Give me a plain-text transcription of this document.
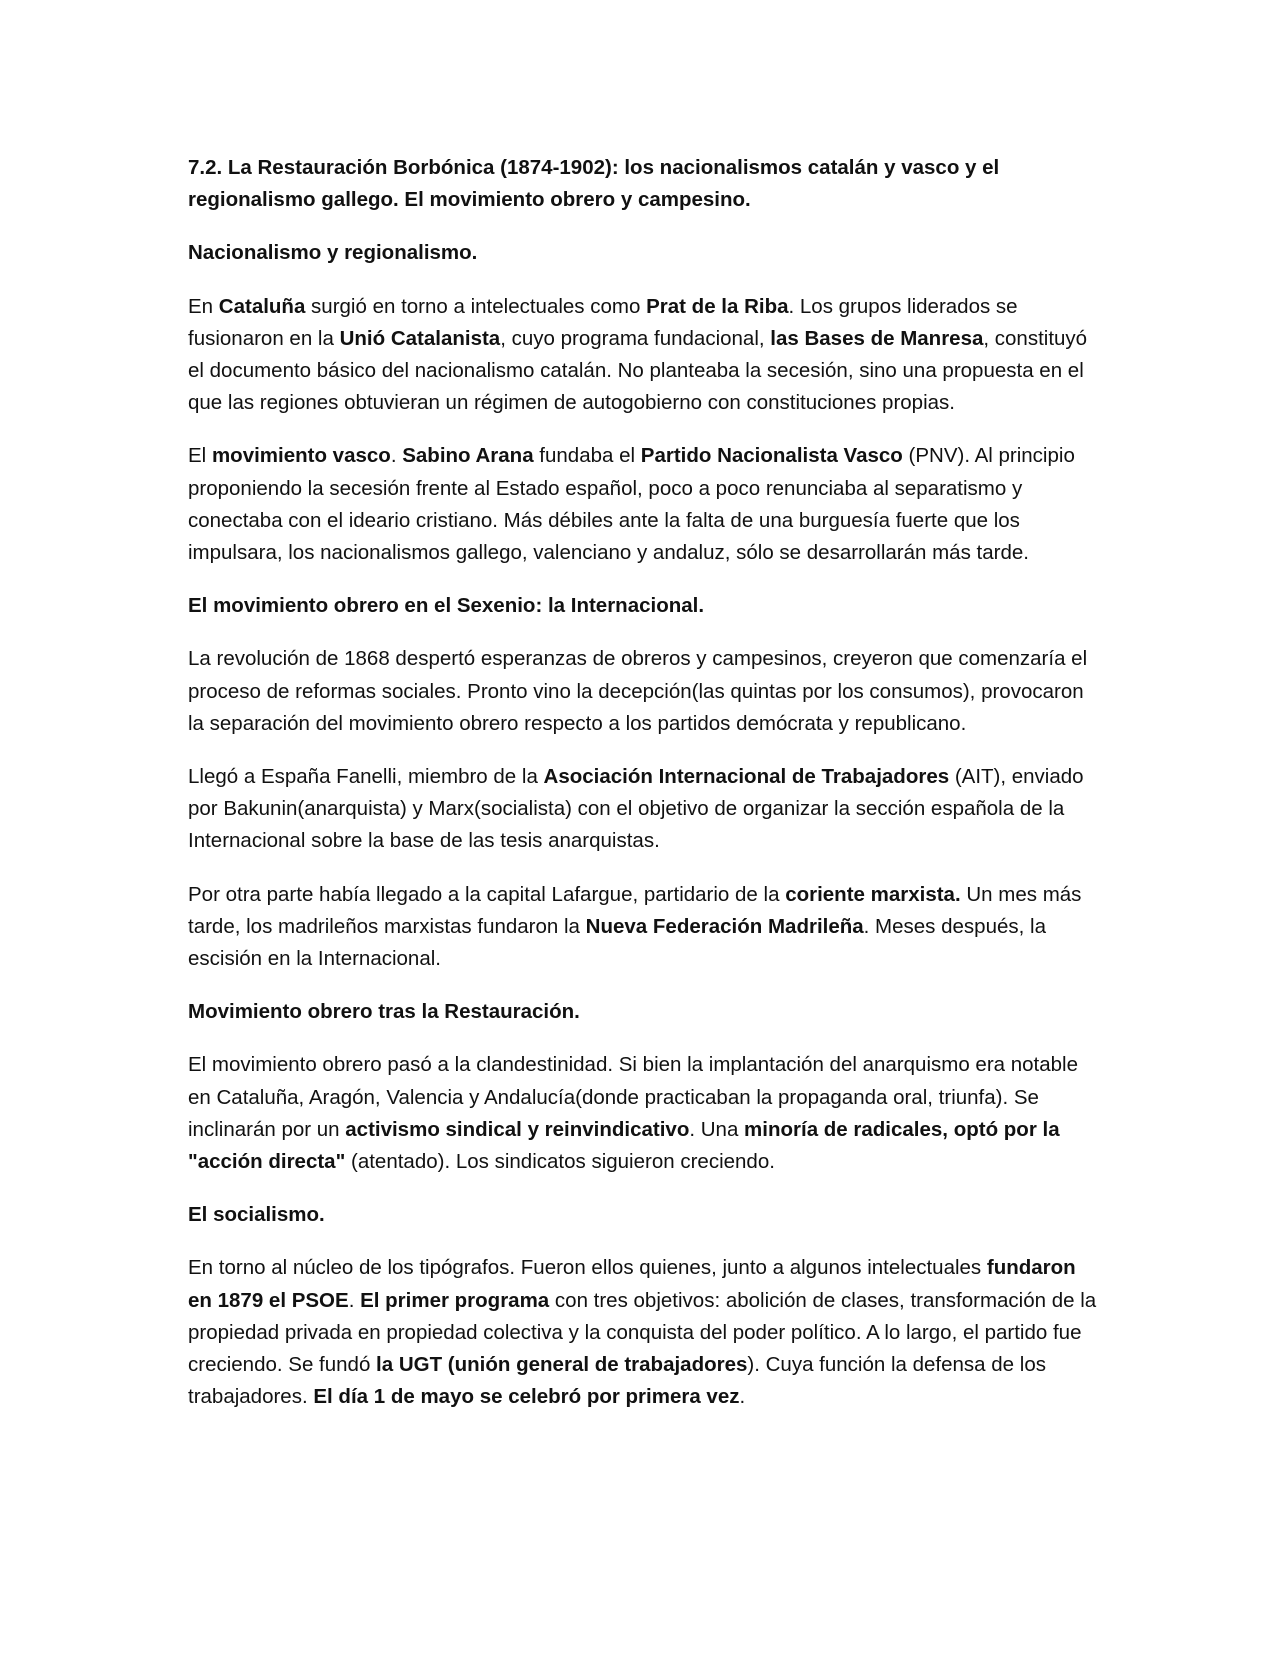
7.2. La Restauración Borbónica (1874-1902): los nacionalismos catalán y vasco y el regionalismo gallego. El movimiento obrero y campesino.

Nacionalismo y regionalismo.

En Cataluña surgió en torno a intelectuales como Prat de la Riba. Los grupos liderados se fusionaron en la Unió Catalanista, cuyo programa fundacional, las Bases de Manresa, constituyó el documento básico del nacionalismo catalán. No planteaba la secesión, sino una propuesta en el que las regiones obtuvieran un régimen de autogobierno con constituciones propias.

El movimiento vasco. Sabino Arana fundaba el Partido Nacionalista Vasco (PNV). Al principio proponiendo la secesión frente al Estado español, poco a poco renunciaba al separatismo y conectaba con el ideario cristiano. Más débiles ante la falta de una burguesía fuerte que los impulsara, los nacionalismos gallego, valenciano y andaluz, sólo se desarrollarán más tarde.

El movimiento obrero en el Sexenio: la Internacional.

La revolución de 1868 despertó esperanzas de obreros y campesinos, creyeron que comenzaría el proceso de reformas sociales. Pronto vino la decepción(las quintas por los consumos), provocaron la separación del movimiento obrero respecto a los partidos demócrata y republicano.

Llegó a España Fanelli, miembro de la Asociación Internacional de Trabajadores (AIT), enviado por Bakunin(anarquista) y Marx(socialista) con el objetivo de organizar la sección española de la Internacional sobre la base de las tesis anarquistas.

Por otra parte había llegado a la capital Lafargue, partidario de la coriente marxista. Un mes más tarde, los madrileños marxistas fundaron la Nueva Federación Madrileña. Meses después, la escisión en la Internacional.

Movimiento obrero tras la Restauración.

El movimiento obrero pasó a la clandestinidad. Si bien la implantación del anarquismo era notable en Cataluña, Aragón, Valencia y Andalucía(donde practicaban la propaganda oral, triunfa). Se inclinarán por un activismo sindical y reinvindicativo. Una minoría de radicales, optó por la "acción directa" (atentado). Los sindicatos siguieron creciendo.

El socialismo.

En torno al núcleo de los tipógrafos. Fueron ellos quienes, junto a algunos intelectuales fundaron en 1879 el PSOE. El primer programa con tres objetivos: abolición de clases, transformación de la propiedad privada en propiedad colectiva y la conquista del poder político. A lo largo, el partido fue creciendo. Se fundó la UGT (unión general de trabajadores). Cuya función la defensa de los trabajadores. El día 1 de mayo se celebró por primera vez.
